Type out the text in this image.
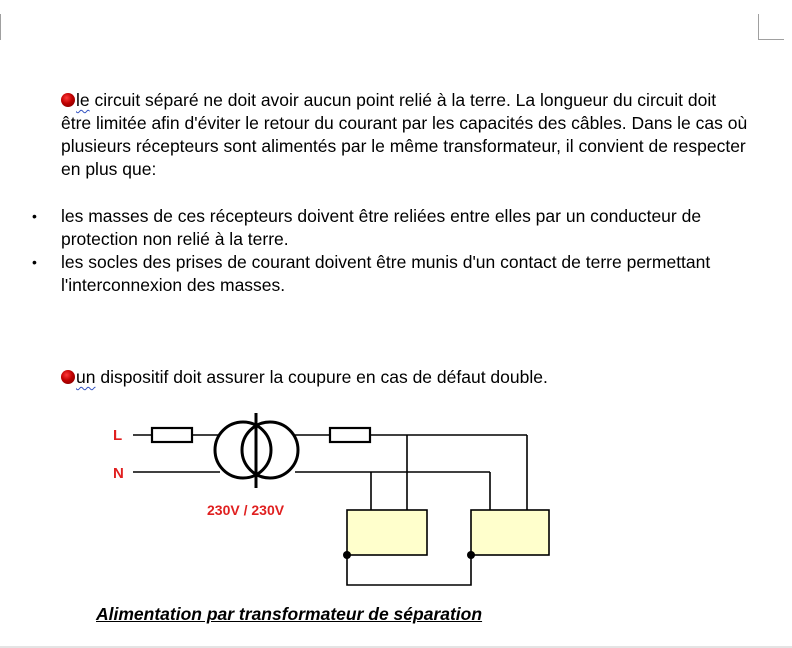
le circuit séparé ne doit avoir aucun point relié à la terre. La longueur du circuit doit être limitée afin d'éviter le retour du courant par les capacités des câbles. Dans le cas où plusieurs récepteurs sont alimentés par le même transformateur, il convient de respecter en plus que:

• les masses de ces récepteurs doivent être reliées entre elles par un conducteur de protection non relié à la terre.
• les socles des prises de courant doivent être munis d'un contact de terre permettant l'interconnexion des masses.

un dispositif doit assurer la coupure en cas de défaut double.

L
N
230V / 230V
Alimentation par transformateur de séparation
